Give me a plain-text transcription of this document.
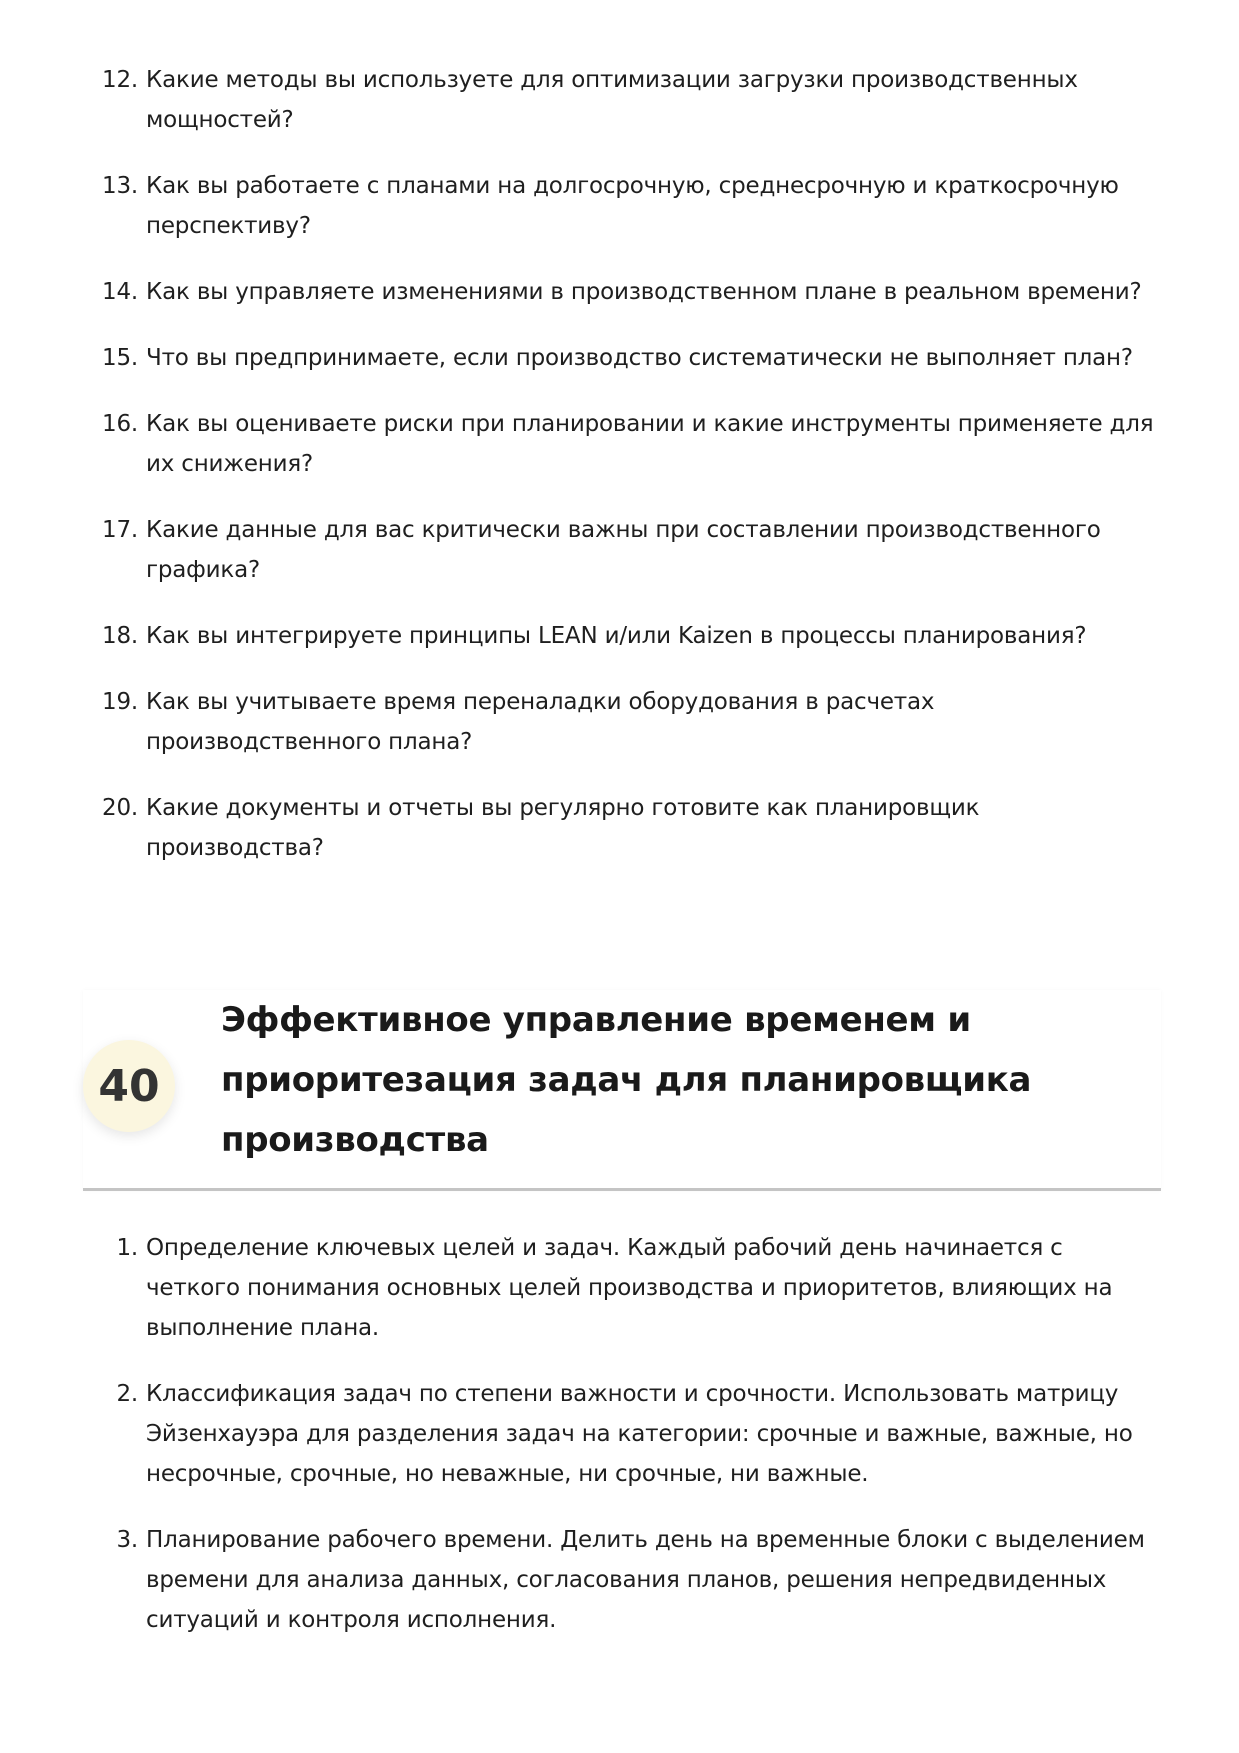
12. Какие методы вы используете для оптимизации загрузки производственных мощностей?
13. Как вы работаете с планами на долгосрочную, среднесрочную и краткосрочную перспективу?
14. Как вы управляете изменениями в производственном плане в реальном времени?
15. Что вы предпринимаете, если производство систематически не выполняет план?
16. Как вы оцениваете риски при планировании и какие инструменты применяете для их снижения?
17. Какие данные для вас критически важны при составлении производственного графика?
18. Как вы интегрируете принципы LEAN и/или Kaizen в процессы планирования?
19. Как вы учитываете время переналадки оборудования в расчетах производственного плана?
20. Какие документы и отчеты вы регулярно готовите как планировщик производства?
40
Эффективное управление временем и приоритезация задач для планировщика производства
1. Определение ключевых целей и задач. Каждый рабочий день начинается с четкого понимания основных целей производства и приоритетов, влияющих на выполнение плана.
2. Классификация задач по степени важности и срочности. Использовать матрицу Эйзенхауэра для разделения задач на категории: срочные и важные, важные, но несрочные, срочные, но неважные, ни срочные, ни важные.
3. Планирование рабочего времени. Делить день на временные блоки с выделением времени для анализа данных, согласования планов, решения непредвиденных ситуаций и контроля исполнения.
